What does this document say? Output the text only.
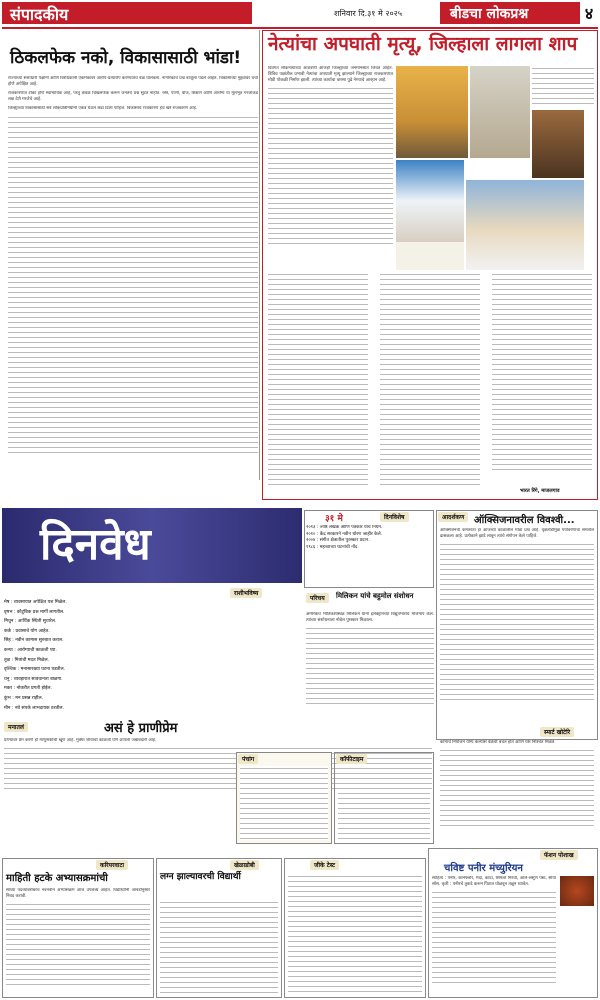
संपादकीय	शनिवार दि.३१ मे २०२५	बीडचा लोकप्रश्न	४
ठिकलफेक नको, विकासासाठी भांडा!

राज्याच्या सत्ताधारी पक्षांनी आणि विरोधकांनी एकमेकांवर आरोप-प्रत्यारोप करण्यातच वेळ घालवला. नागरिकांचे प्रश्न बाजूला पडले आहेत. विकासाच्या मुद्द्यांवर चर्चा होणे अपेक्षित आहे.

राजकारणात टीका होणे स्वाभाविक आहे, परंतु केवळ चिखलफेक करून जनतेचे प्रश्न सुटत नाहीत. रस्ते, पाणी, वीज, शिक्षण आणि आरोग्य या मूलभूत गरजांकडे लक्ष देणे गरजेचे आहे.

जिल्ह्याच्या विकासासाठी सर्व लोकप्रतिनिधींनी एकत्र येऊन लढा दिला पाहिजे. विकासाचे राजकारण हेच खरे राजकारण आहे.

नेत्यांचा अपघाती मृत्यू, जिल्हाला लागला शाप

दिवंगत लोकनेत्यांच्या आठवणी आजही जिल्ह्याच्या जनमानसात जिवंत आहेत. विविध पक्षांतील प्रभावी नेत्यांचा अपघाती मृत्यू झाल्याने जिल्ह्याच्या राजकारणात मोठी पोकळी निर्माण झाली. त्यांच्या कार्याचा वारसा पुढे नेण्याचे आव्हान आहे.

भारत रिंगे, माजलगाव
दिनवेध	३१ मे	दिनविशेष
२०१३ : ज्येष्ठ लेखक आणि पत्रकार यांचे निधन.
२०१० : केंद्र सरकारने नवीन धोरण जाहीर केले.
२००४ : संगीत क्षेत्रातील पुरस्कार प्रदान.
१९८६ : महत्त्वाच्या घटनांची नोंद.
आदर्शकण ऑक्सिजनावरील विवश्वी...

ऑक्सिजनची कमतरता हा आजच्या काळातील मोठा प्रश्न आहे. वृक्षतोडीमुळे पर्यावरणाचा समतोल ढासळला आहे. प्रत्येकाने झाडे लावून त्यांचे संगोपन केले पाहिजे.

स्मार्ट खोटेरि

कामाचे नियोजन योग्य केल्यास वेळेची बचत होते आणि यश निश्चित मिळते.

राशीभविष्य
मेष : व्यवसायात अपेक्षित यश मिळेल.
वृषभ : कौटुंबिक प्रश्न मार्गी लागतील.
मिथुन : आर्थिक स्थिती सुधारेल.
कर्क : प्रवासाचे योग आहेत.
सिंह : नवीन कामास सुरुवात कराल.
कन्या : आरोग्याची काळजी घ्या.
तूळ : मित्रांची मदत मिळेल.
वृश्चिक : मनासारख्या घटना घडतील.
धनु : व्यवहारात सावधानता बाळगा.
मकर : नोकरीत प्रगती होईल.
कुंभ : मन प्रसन्न राहील.
मीन : नवे संपर्क लाभदायक ठरतील.
परिचय	मिलिकन यांचे बहुमोल संशोधन

अमेरिकेचे भौतिकशास्त्रज्ञ मिलिकन यांनी इलेक्ट्रॉनच्या विद्युतभाराचे मोजमाप केले. त्यांच्या संशोधनाला नोबेल पुरस्कार मिळाला.

मनातलं	असं हे प्राणीप्रेम

प्राण्यांवर प्रेम करणे ही माणुसकीची खूण आहे. मुक्या जीवांची काळजी घेणे आपली जबाबदारी आहे.

पंचांग	कॉफीटाइम
करियरवाटा
माहिती हटके अभ्यासक्रमांची

साध्या पदव्यांबरोबरच नवनवीन अभ्यासक्रम आज उपलब्ध आहेत. विद्यार्थ्यांनी आवडीनुसार निवड करावी.

खेळाडोबी
लग्न झाल्यावरची विद्यार्थी
जीके टेस्ट
फॅशन पोशाख
चविष्ट पनीर मंच्युरियन

साहित्य : पनीर, कॉर्नफ्लोर, मैदा, कांदा, शिमला मिरची, आले-लसूण पेस्ट, सोया सॉस. कृती : पनीरचे तुकडे करून पिठात घोळवून तळून घ्यावेत.
